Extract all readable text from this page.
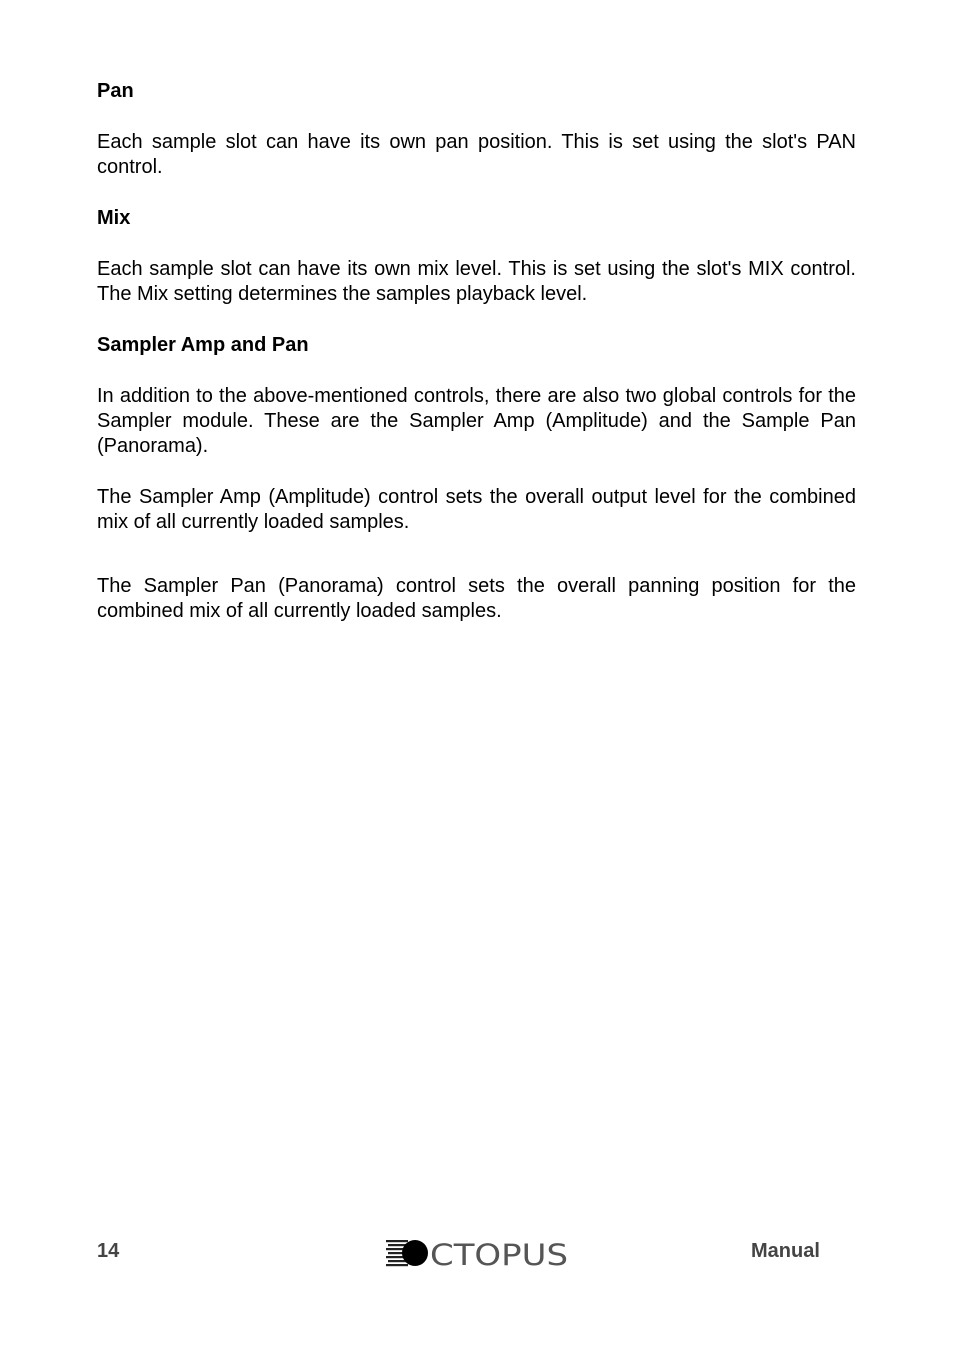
Pan

Each sample slot can have its own pan position. This is set using the slot's PAN control.

Mix

Each sample slot can have its own mix level. This is set using the slot's MIX control. The Mix setting determines the samples playback level.

Sampler Amp and Pan

In addition to the above-mentioned controls, there are also two global controls for the Sampler module. These are the Sampler Amp (Amplitude) and the Sample Pan (Panorama).

The Sampler Amp (Amplitude) control sets the overall output level for the combined mix of all currently loaded samples.

The Sampler Pan (Panorama) control sets the overall panning position for the combined mix of all currently loaded samples.

14	CTOPUS	Manual
